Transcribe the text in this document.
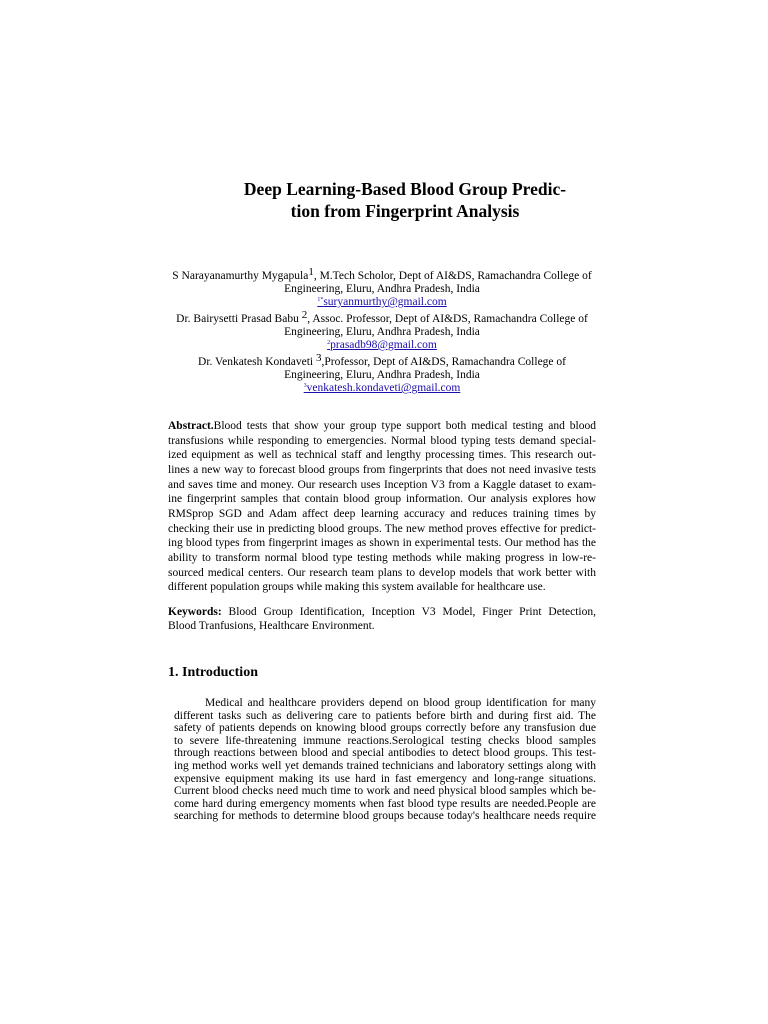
Deep Learning-Based Blood Group Predic-
tion from Fingerprint Analysis
S Narayanamurthy Mygapula$^1$, M.Tech Scholor, Dept of AI&DS, Ramachandra College of
Engineering, Eluru, Andhra Pradesh, India
$^{1*}$suryanmurthy@gmail.com
Dr. Bairysetti Prasad Babu $^2$, Assoc. Professor, Dept of AI&DS, Ramachandra College of
Engineering, Eluru, Andhra Pradesh, India
$^2$prasadb98@gmail.com
Dr. Venkatesh Kondaveti $^3$,Professor, Dept of AI&DS, Ramachandra College of
Engineering, Eluru, Andhra Pradesh, India
$^3$venkatesh.kondaveti@gmail.com
Abstract.Blood tests that show your group type support both medical testing and blood
transfusions while responding to emergencies. Normal blood typing tests demand special-
ized equipment as well as technical staff and lengthy processing times. This research out-
lines a new way to forecast blood groups from fingerprints that does not need invasive tests
and saves time and money. Our research uses Inception V3 from a Kaggle dataset to exam-
ine fingerprint samples that contain blood group information. Our analysis explores how
RMSprop SGD and Adam affect deep learning accuracy and reduces training times by
checking their use in predicting blood groups. The new method proves effective for predict-
ing blood types from fingerprint images as shown in experimental tests. Our method has the
ability to transform normal blood type testing methods while making progress in low-re-
sourced medical centers. Our research team plans to develop models that work better with
different population groups while making this system available for healthcare use.
Keywords: Blood Group Identification, Inception V3 Model, Finger Print Detection,
Blood Tranfusions, Healthcare Environment.
1. Introduction
Medical and healthcare providers depend on blood group identification for many
different tasks such as delivering care to patients before birth and during first aid. The
safety of patients depends on knowing blood groups correctly before any transfusion due
to severe life-threatening immune reactions.Serological testing checks blood samples
through reactions between blood and special antibodies to detect blood groups. This test-
ing method works well yet demands trained technicians and laboratory settings along with
expensive equipment making its use hard in fast emergency and long-range situations.
Current blood checks need much time to work and need physical blood samples which be-
come hard during emergency moments when fast blood type results are needed.People are
searching for methods to determine blood groups because today's healthcare needs require
